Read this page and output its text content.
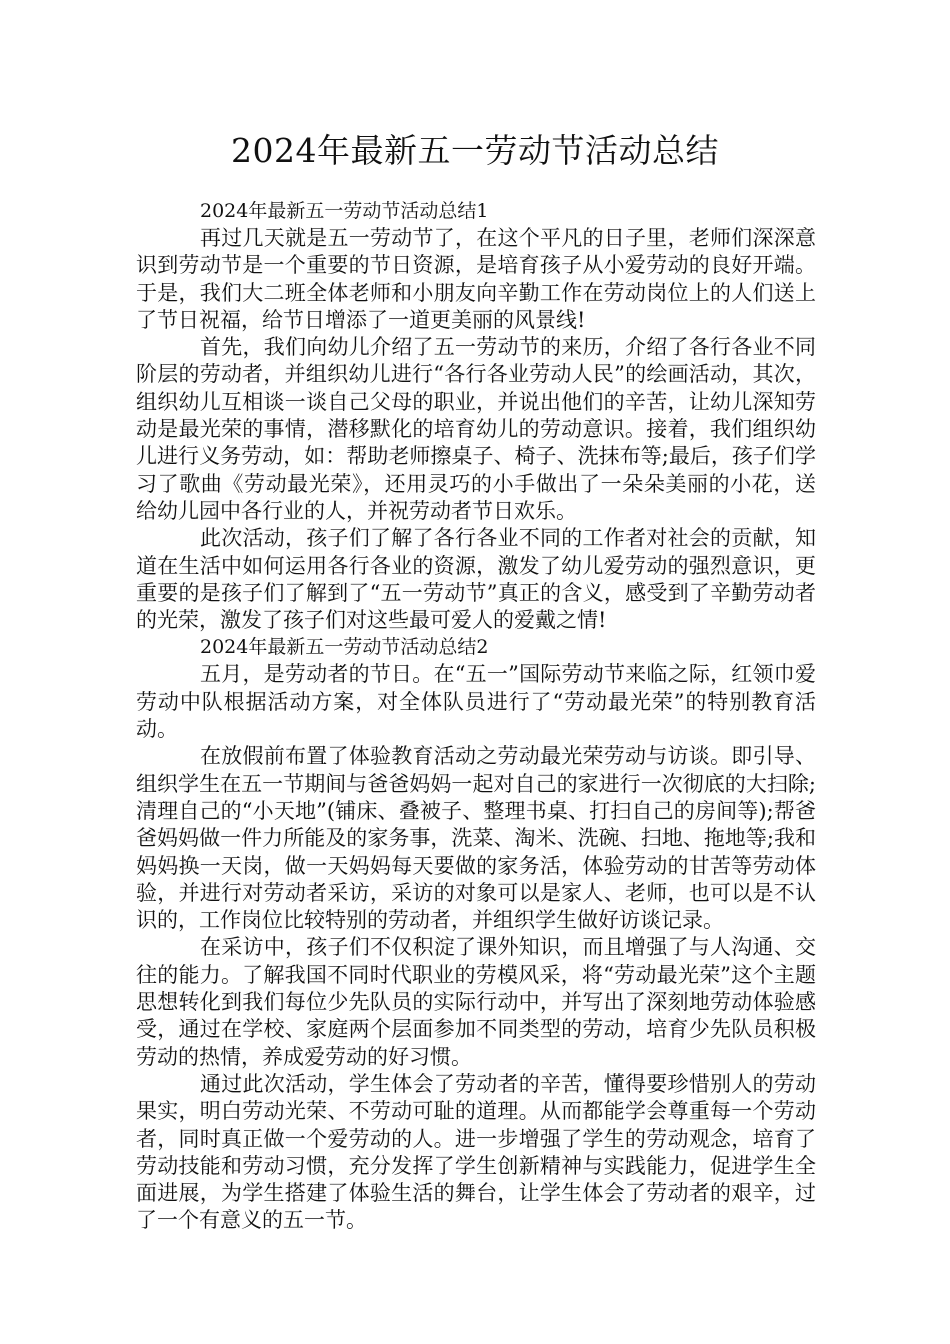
2024年最新五一劳动节活动总结

2024年最新五一劳动节活动总结1

再过几天就是五一劳动节了，在这个平凡的日子里，老师们深深意识到劳动节是一个重要的节日资源，是培育孩子从小爱劳动的良好开端。于是，我们大二班全体老师和小朋友向辛勤工作在劳动岗位上的人们送上了节日祝福，给节日增添了一道更美丽的风景线!

首先，我们向幼儿介绍了五一劳动节的来历，介绍了各行各业不同阶层的劳动者，并组织幼儿进行“各行各业劳动人民”的绘画活动，其次，组织幼儿互相谈一谈自己父母的职业，并说出他们的辛苦，让幼儿深知劳动是最光荣的事情，潜移默化的培育幼儿的劳动意识。接着，我们组织幼儿进行义务劳动，如：帮助老师擦桌子、椅子、洗抹布等;最后，孩子们学习了歌曲《劳动最光荣》，还用灵巧的小手做出了一朵朵美丽的小花，送给幼儿园中各行业的人，并祝劳动者节日欢乐。

此次活动，孩子们了解了各行各业不同的工作者对社会的贡献，知道在生活中如何运用各行各业的资源，激发了幼儿爱劳动的强烈意识，更重要的是孩子们了解到了“五一劳动节”真正的含义，感受到了辛勤劳动者的光荣，激发了孩子们对这些最可爱人的爱戴之情!

2024年最新五一劳动节活动总结2

五月，是劳动者的节日。在“五一”国际劳动节来临之际，红领巾爱劳动中队根据活动方案，对全体队员进行了“劳动最光荣”的特别教育活动。

在放假前布置了体验教育活动之劳动最光荣劳动与访谈。即引导、组织学生在五一节期间与爸爸妈妈一起对自己的家进行一次彻底的大扫除;清理自己的“小天地”(铺床、叠被子、整理书桌、打扫自己的房间等);帮爸爸妈妈做一件力所能及的家务事，洗菜、淘米、洗碗、扫地、拖地等;我和妈妈换一天岗，做一天妈妈每天要做的家务活，体验劳动的甘苦等劳动体验，并进行对劳动者采访，采访的对象可以是家人、老师，也可以是不认识的，工作岗位比较特别的劳动者，并组织学生做好访谈记录。

在采访中，孩子们不仅积淀了课外知识，而且增强了与人沟通、交往的能力。了解我国不同时代职业的劳模风采，将“劳动最光荣”这个主题思想转化到我们每位少先队员的实际行动中，并写出了深刻地劳动体验感受，通过在学校、家庭两个层面参加不同类型的劳动，培育少先队员积极劳动的热情，养成爱劳动的好习惯。

通过此次活动，学生体会了劳动者的辛苦，懂得要珍惜别人的劳动果实，明白劳动光荣、不劳动可耻的道理。从而都能学会尊重每一个劳动者，同时真正做一个爱劳动的人。进一步增强了学生的劳动观念，培育了劳动技能和劳动习惯，充分发挥了学生创新精神与实践能力，促进学生全面进展，为学生搭建了体验生活的舞台，让学生体会了劳动者的艰辛，过了一个有意义的五一节。
